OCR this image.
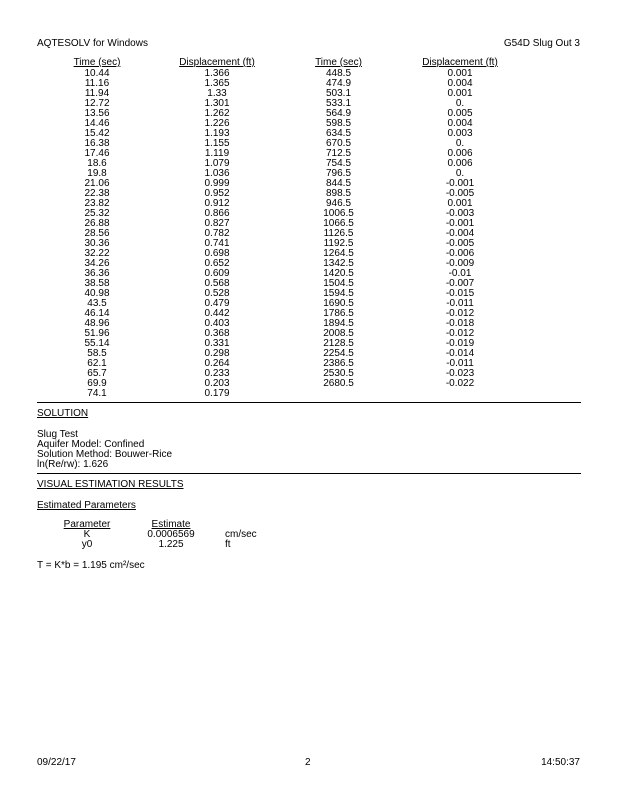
AQTESOLV for Windows	G54D Slug Out 3
Time (sec)	Displacement (ft)	Time (sec)	Displacement (ft)	
10.44	1.366	448.5	0.001	
11.16	1.365	474.9	0.004	
11.94	1.33	503.1	0.001	
12.72	1.301	533.1	0.	
13.56	1.262	564.9	0.005	
14.46	1.226	598.5	0.004	
15.42	1.193	634.5	0.003	
16.38	1.155	670.5	0.	
17.46	1.119	712.5	0.006	
18.6	1.079	754.5	0.006	
19.8	1.036	796.5	0.	
21.06	0.999	844.5	-0.001	
22.38	0.952	898.5	-0.005	
23.82	0.912	946.5	0.001	
25.32	0.866	1006.5	-0.003	
26.88	0.827	1066.5	-0.001	
28.56	0.782	1126.5	-0.004	
30.36	0.741	1192.5	-0.005	
32.22	0.698	1264.5	-0.006	
34.26	0.652	1342.5	-0.009	
36.36	0.609	1420.5	-0.01	
38.58	0.568	1504.5	-0.007	
40.98	0.528	1594.5	-0.015	
43.5	0.479	1690.5	-0.011	
46.14	0.442	1786.5	-0.012	
48.96	0.403	1894.5	-0.018	
51.96	0.368	2008.5	-0.012	
55.14	0.331	2128.5	-0.019	
58.5	0.298	2254.5	-0.014	
62.1	0.264	2386.5	-0.011	
65.7	0.233	2530.5	-0.023	
69.9	0.203	2680.5	-0.022	
74.1	0.179			
SOLUTION
Slug Test
Aquifer Model: Confined
Solution Method: Bouwer-Rice
ln(Re/rw): 1.626
VISUAL ESTIMATION RESULTS
Estimated Parameters
Parameter	Estimate	
K	0.0006569	cm/sec
y0	1.225	ft
T = K*b = 1.195 cm²/sec
09/22/17	2	14:50:37
